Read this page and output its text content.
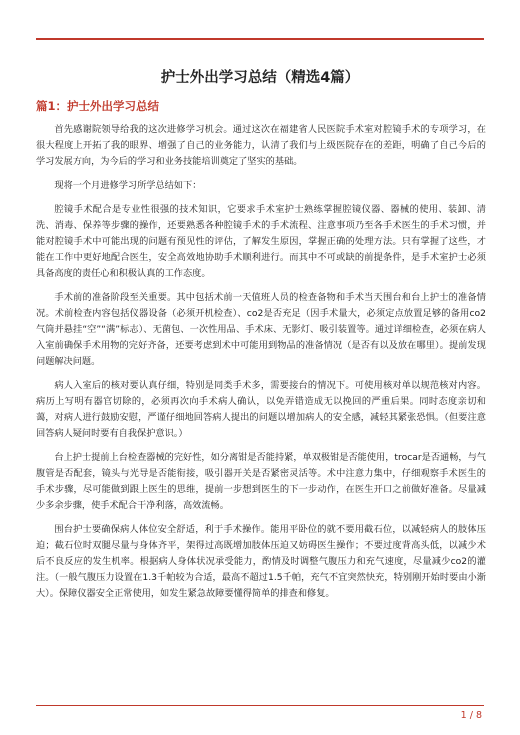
护士外出学习总结（精选4篇）
篇1：护士外出学习总结

首先感谢院领导给我的这次进修学习机会。通过这次在福建省人民医院手术室对腔镜手术的专项学习，在很大程度上开拓了我的眼界、增强了自己的业务能力，认清了我们与上级医院存在的差距，明确了自己今后的学习发展方向，为今后的学习和业务技能培训奠定了坚实的基础。

现将一个月进修学习所学总结如下：

腔镜手术配合是专业性很强的技术知识，它要求手术室护士熟练掌握腔镜仪器、器械的使用、装卸、清洗、消毒、保养等步骤的操作，还要熟悉各种腔镜手术的手术流程、注意事项乃至各手术医生的手术习惯，并能对腔镜手术中可能出现的问题有预见性的评估，了解发生原因，掌握正确的处理方法。只有掌握了这些，才能在工作中更好地配合医生，安全高效地协助手术顺利进行。而其中不可或缺的前提条件，是手术室护士必须具备高度的责任心和积极认真的工作态度。

手术前的准备阶段至关重要。其中包括术前一天值班人员的检查备物和手术当天围台和台上护士的准备情况。术前检查内容包括仪器设备（必须开机检查）、co2是否充足（因手术量大，必须定点放置足够的备用co2气筒并悬挂“空”“满”标志）、无菌包、一次性用品、手术床、无影灯、吸引装置等。通过详细检查，必须在病人入室前确保手术用物的完好齐备，还要考虑到术中可能用到物品的准备情况（是否有以及放在哪里）。提前发现问题解决问题。

病人入室后的核对要认真仔细，特别是同类手术多，需要接台的情况下。可使用核对单以规范核对内容。病历上写明有器官切除的，必须再次向手术病人确认，以免弄错造成无以挽回的严重后果。同时态度亲切和蔼，对病人进行鼓励安慰，严谨仔细地回答病人提出的问题以增加病人的安全感，减轻其紧张恐惧。（但要注意回答病人疑问时要有自我保护意识。）

台上护士提前上台检查器械的完好性，如分离钳是否能持紧，单双极钳是否能使用，trocar是否通畅，与气腹管是否配套，镜头与光导是否能衔接，吸引器开关是否紧密灵活等。术中注意力集中，仔细观察手术医生的手术步骤，尽可能做到跟上医生的思维，提前一步想到医生的下一步动作，在医生开口之前做好准备。尽量减少多余步骤，使手术配合干净利落，高效流畅。

围台护士要确保病人体位安全舒适，利于手术操作。能用平卧位的就不要用截石位，以减轻病人的肢体压迫；截石位时双腿尽量与身体齐平，架得过高既增加肢体压迫又妨碍医生操作；不要过度背高头低，以减少术后不良反应的发生机率。根据病人身体状况承受能力，酌情及时调整气腹压力和充气速度，尽量减少co2的灌注。（一般气腹压力设置在1.3千帕较为合适，最高不超过1.5千帕，充气不宜突然快充，特别刚开始时要由小渐大）。保障仪器安全正常使用，如发生紧急故障要懂得简单的排查和修复。

1 / 8
